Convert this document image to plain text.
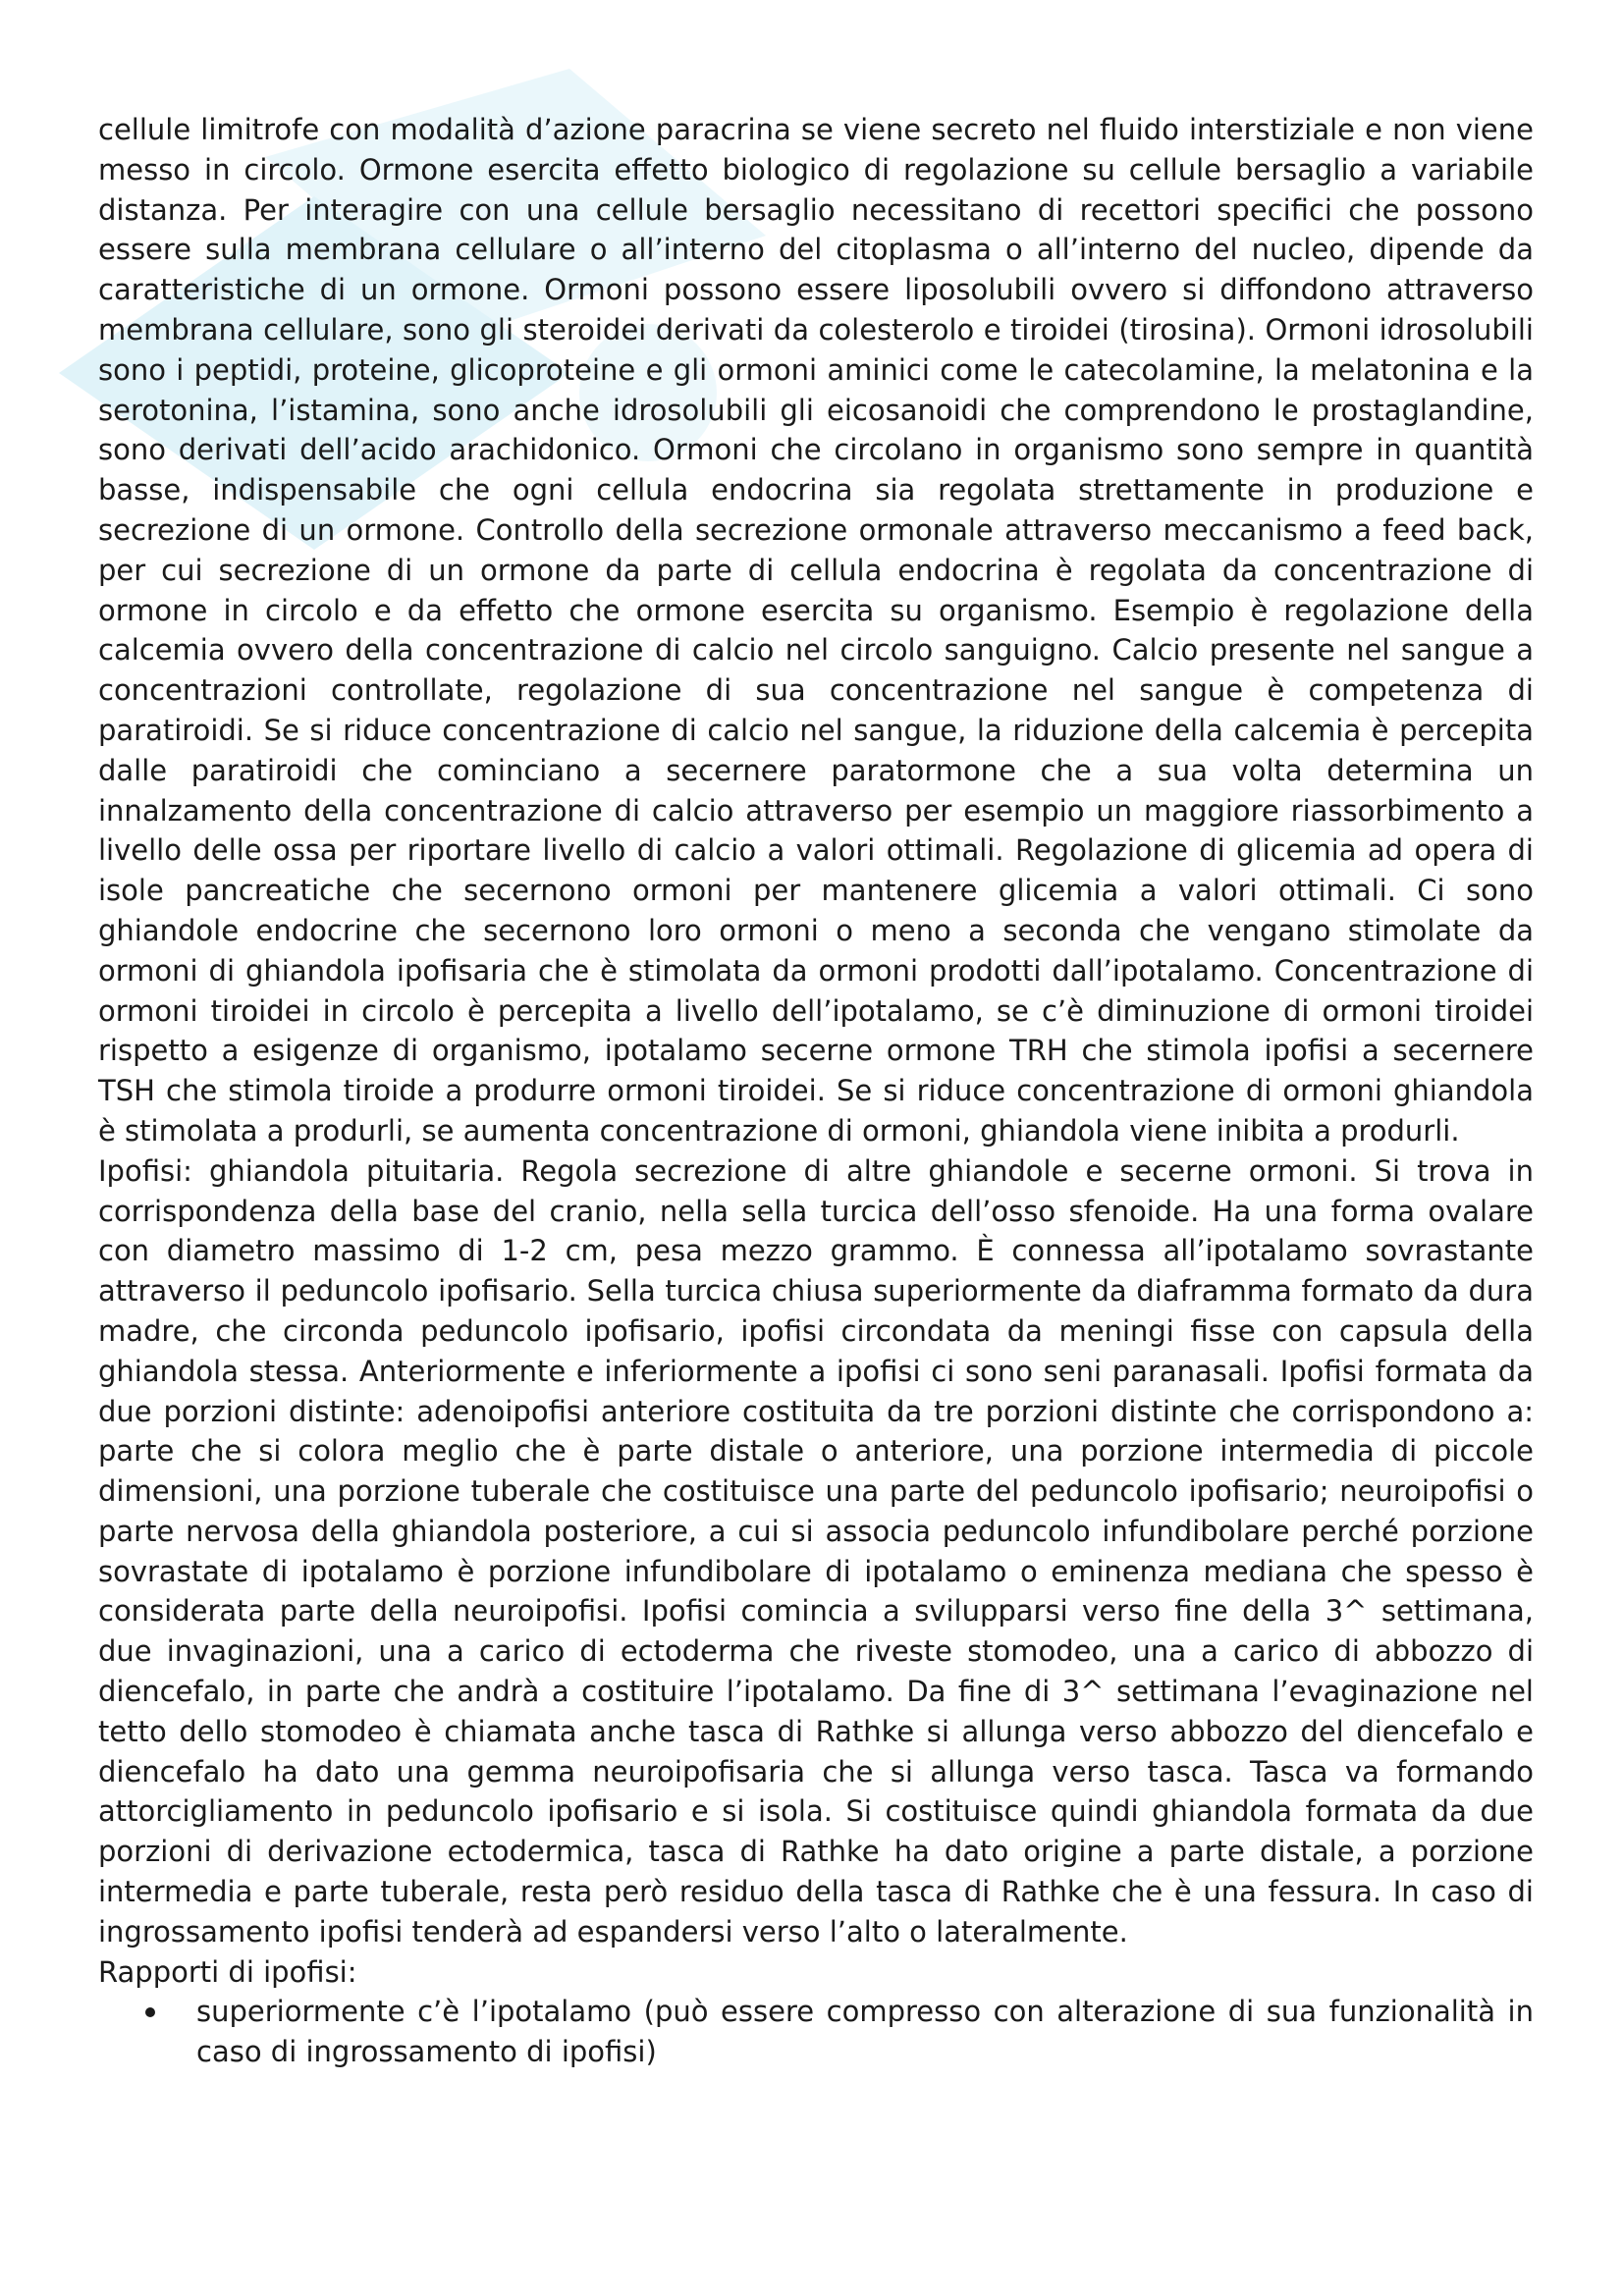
cellule limitrofe con modalità d’azione paracrina se viene secreto nel fluido interstiziale e non viene messo in circolo. Ormone esercita effetto biologico di regolazione su cellule bersaglio a variabile distanza. Per interagire con una cellule bersaglio necessitano di recettori specifici che possono essere sulla membrana cellulare o all’interno del citoplasma o all’interno del nucleo, dipende da caratteristiche di un ormone. Ormoni possono essere liposolubili ovvero si diffondono attraverso membrana cellulare, sono gli steroidei derivati da colesterolo e tiroidei (tirosina). Ormoni idrosolubili sono i peptidi, proteine, glicoproteine e gli ormoni aminici come le catecolamine, la melatonina e la serotonina, l’istamina, sono anche idrosolubili gli eicosanoidi che comprendono le prostaglandine, sono derivati dell’acido arachidonico. Ormoni che circolano in organismo sono sempre in quantità basse, indispensabile che ogni cellula endocrina sia regolata strettamente in produzione e secrezione di un ormone. Controllo della secrezione ormonale attraverso meccanismo a feed back, per cui secrezione di un ormone da parte di cellula endocrina è regolata da concentrazione di ormone in circolo e da effetto che ormone esercita su organismo. Esempio è regolazione della calcemia ovvero della concentrazione di calcio nel circolo sanguigno. Calcio presente nel sangue a concentrazioni controllate, regolazione di sua concentrazione nel sangue è competenza di paratiroidi. Se si riduce concentrazione di calcio nel sangue, la riduzione della calcemia è percepita dalle paratiroidi che cominciano a secernere paratormone che a sua volta determina un innalzamento della concentrazione di calcio attraverso per esempio un maggiore riassorbimento a livello delle ossa per riportare livello di calcio a valori ottimali. Regolazione di glicemia ad opera di isole pancreatiche che secernono ormoni per mantenere glicemia a valori ottimali. Ci sono ghiandole endocrine che secernono loro ormoni o meno a seconda che vengano stimolate da ormoni di ghiandola ipofisaria che è stimolata da ormoni prodotti dall’ipotalamo. Concentrazione di ormoni tiroidei in circolo è percepita a livello dell’ipotalamo, se c’è diminuzione di ormoni tiroidei rispetto a esigenze di organismo, ipotalamo secerne ormone TRH che stimola ipofisi a secernere TSH che stimola tiroide a produrre ormoni tiroidei. Se si riduce concentrazione di ormoni ghiandola è stimolata a produrli, se aumenta concentrazione di ormoni, ghiandola viene inibita a produrli.

Ipofisi: ghiandola pituitaria. Regola secrezione di altre ghiandole e secerne ormoni. Si trova in corrispondenza della base del cranio, nella sella turcica dell’osso sfenoide. Ha una forma ovalare con diametro massimo di 1-2 cm, pesa mezzo grammo. È connessa all’ipotalamo sovrastante attraverso il peduncolo ipofisario. Sella turcica chiusa superiormente da diaframma formato da dura madre, che circonda peduncolo ipofisario, ipofisi circondata da meningi fisse con capsula della ghiandola stessa. Anteriormente e inferiormente a ipofisi ci sono seni paranasali. Ipofisi formata da due porzioni distinte: adenoipofisi anteriore costituita da tre porzioni distinte che corrispondono a: parte che si colora meglio che è parte distale o anteriore, una porzione intermedia di piccole dimensioni, una porzione tuberale che costituisce una parte del peduncolo ipofisario; neuroipofisi o parte nervosa della ghiandola posteriore, a cui si associa peduncolo infundibolare perché porzione sovrastate di ipotalamo è porzione infundibolare di ipotalamo o eminenza mediana che spesso è considerata parte della neuroipofisi. Ipofisi comincia a svilupparsi verso fine della 3^ settimana, due invaginazioni, una a carico di ectoderma che riveste stomodeo, una a carico di abbozzo di diencefalo, in parte che andrà a costituire l’ipotalamo. Da fine di 3^ settimana l’evaginazione nel tetto dello stomodeo è chiamata anche tasca di Rathke si allunga verso abbozzo del diencefalo e diencefalo ha dato una gemma neuroipofisaria che si allunga verso tasca. Tasca va formando attorcigliamento in peduncolo ipofisario e si isola. Si costituisce quindi ghiandola formata da due porzioni di derivazione ectodermica, tasca di Rathke ha dato origine a parte distale, a porzione intermedia e parte tuberale, resta però residuo della tasca di Rathke che è una fessura. In caso di ingrossamento ipofisi tenderà ad espandersi verso l’alto o lateralmente.

Rapporti di ipofisi:

superiormente c’è l’ipotalamo (può essere compresso con alterazione di sua funzionalità in caso di ingrossamento di ipofisi)
